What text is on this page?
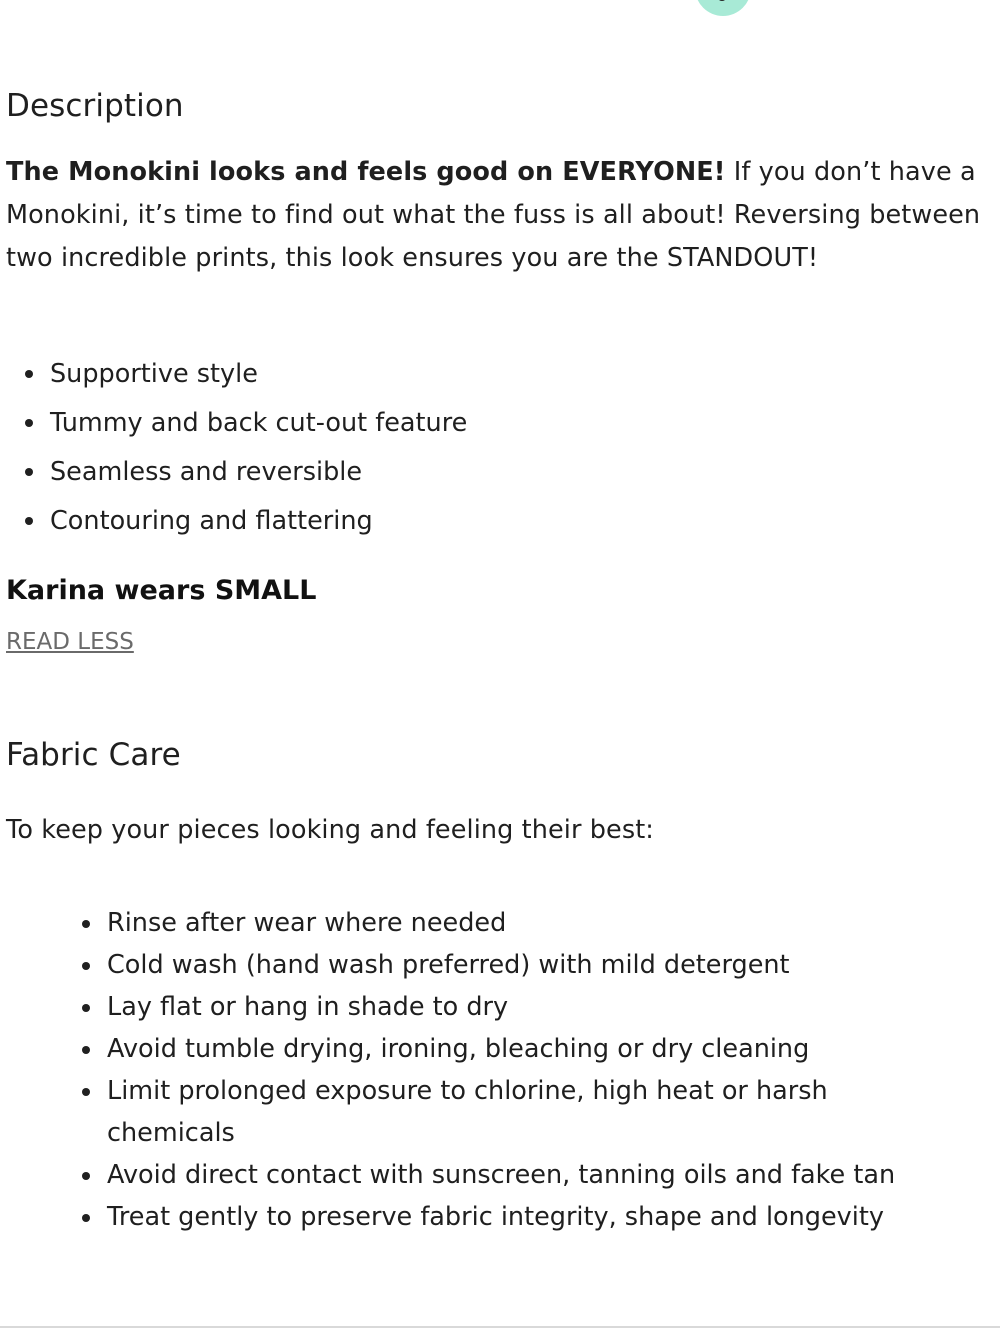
Description

The Monokini looks and feels good on EVERYONE! If you don’t have a Monokini, it’s time to find out what the fuss is all about! Reversing between two incredible prints, this look ensures you are the STANDOUT!

Supportive style
Tummy and back cut-out feature
Seamless and reversible
Contouring and flattering

Karina wears SMALL

READ LESS
Fabric Care

To keep your pieces looking and feeling their best:

Rinse after wear where needed
Cold wash (hand wash preferred) with mild detergent
Lay flat or hang in shade to dry
Avoid tumble drying, ironing, bleaching or dry cleaning
Limit prolonged exposure to chlorine, high heat or harsh chemicals
Avoid direct contact with sunscreen, tanning oils and fake tan
Treat gently to preserve fabric integrity, shape and longevity
